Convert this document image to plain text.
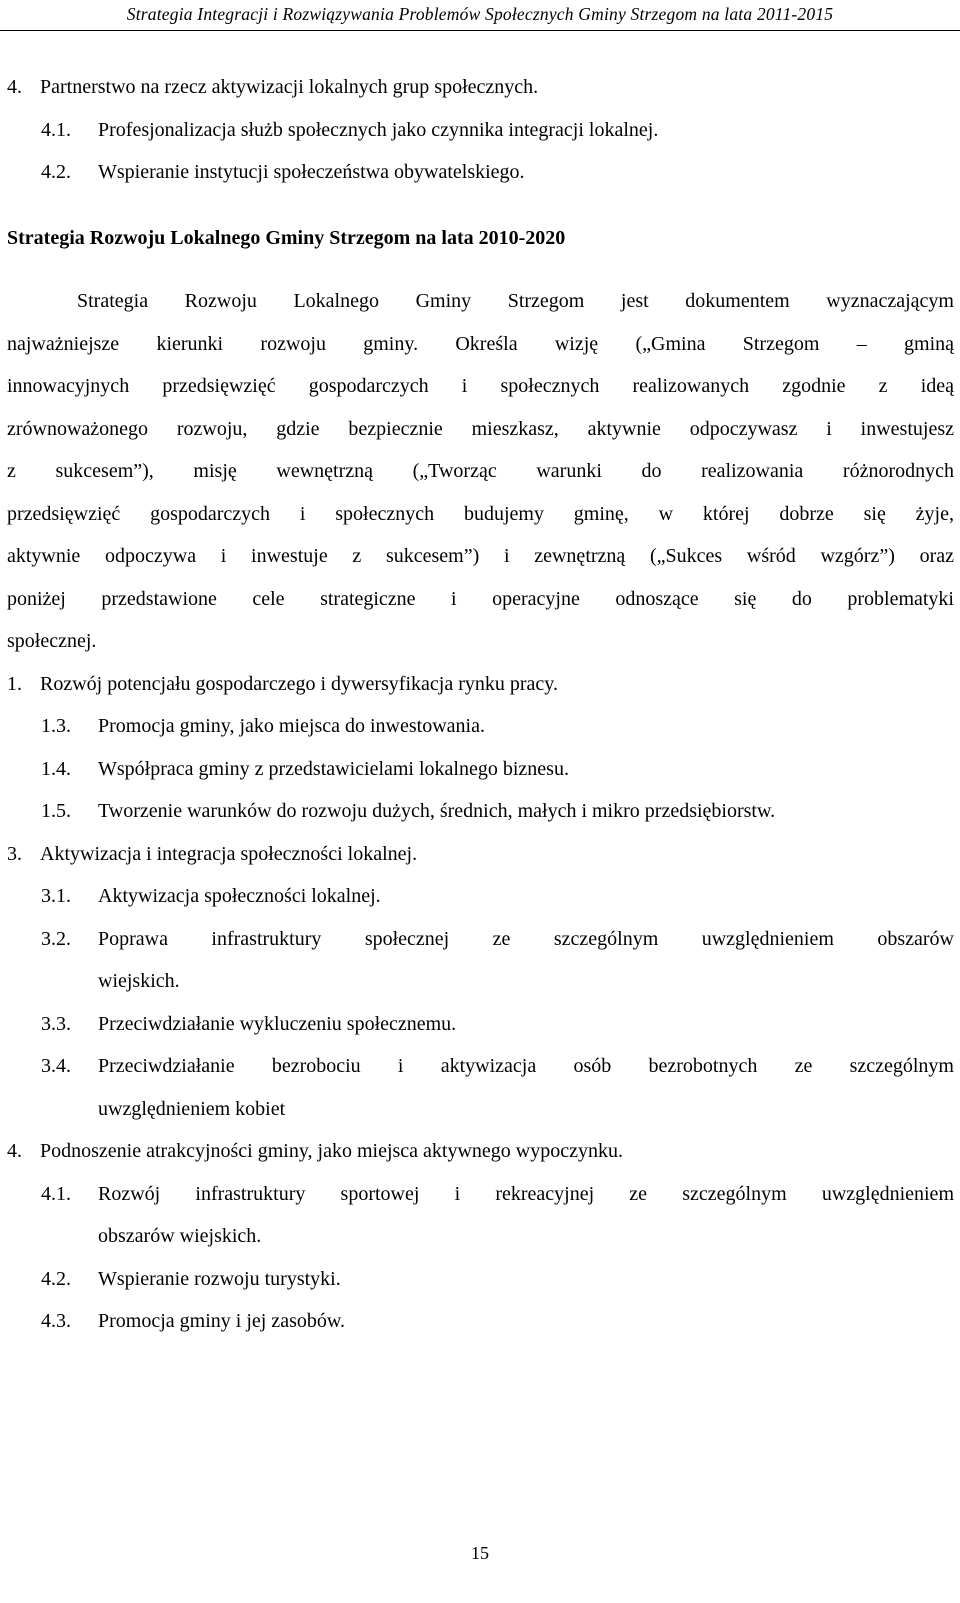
Strategia Integracji i Rozwiązywania Problemów Społecznych Gminy Strzegom na lata 2011-2015
4. Partnerstwo na rzecz aktywizacji lokalnych grup społecznych.
4.1. Profesjonalizacja służb społecznych jako czynnika integracji lokalnej.
4.2. Wspieranie instytucji społeczeństwa obywatelskiego.
Strategia Rozwoju Lokalnego Gminy Strzegom na lata 2010-2020
Strategia Rozwoju Lokalnego Gminy Strzegom jest dokumentem wyznaczającym
najważniejsze kierunki rozwoju gminy. Określa wizję („Gmina Strzegom – gminą
innowacyjnych przedsięwzięć gospodarczych i społecznych realizowanych zgodnie z ideą
zrównoważonego rozwoju, gdzie bezpiecznie mieszkasz, aktywnie odpoczywasz i inwestujesz
z sukcesem”), misję wewnętrzną („Tworząc warunki do realizowania różnorodnych
przedsięwzięć gospodarczych i społecznych budujemy gminę, w której dobrze się żyje,
aktywnie odpoczywa i inwestuje z sukcesem”) i zewnętrzną („Sukces wśród wzgórz”) oraz
poniżej przedstawione cele strategiczne i operacyjne odnoszące się do problematyki
społecznej.
1. Rozwój potencjału gospodarczego i dywersyfikacja rynku pracy.
1.3. Promocja gminy, jako miejsca do inwestowania.
1.4. Współpraca gminy z przedstawicielami lokalnego biznesu.
1.5. Tworzenie warunków do rozwoju dużych, średnich, małych i mikro przedsiębiorstw.
3. Aktywizacja i integracja społeczności lokalnej.
3.1. Aktywizacja społeczności lokalnej.
3.2. Poprawa infrastruktury społecznej ze szczególnym uwzględnieniem obszarów
wiejskich.
3.3. Przeciwdziałanie wykluczeniu społecznemu.
3.4. Przeciwdziałanie bezrobociu i aktywizacja osób bezrobotnych ze szczególnym
uwzględnieniem kobiet
4. Podnoszenie atrakcyjności gminy, jako miejsca aktywnego wypoczynku.
4.1. Rozwój infrastruktury sportowej i rekreacyjnej ze szczególnym uwzględnieniem
obszarów wiejskich.
4.2. Wspieranie rozwoju turystyki.
4.3. Promocja gminy i jej zasobów.
15
